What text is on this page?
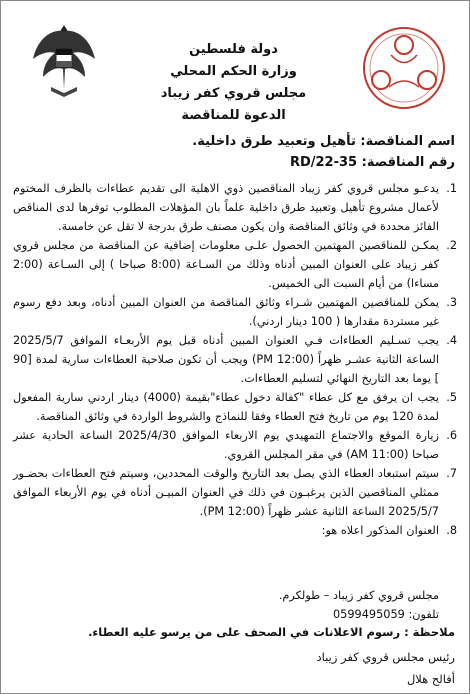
دولة فلسطين
وزارة الحكم المحلي
مجلس قروي كفر زيباد
الدعوة للمناقصة
اسم المناقصة: تأهيل وتعبيد طرق داخلية.
رقم المناقصة: 35-22/RD
1.
يدعـو مجلس قروي كفر زيباد المناقصين ذوي الاهلية الى تقديم عطاءات بالظرف المختوم لأعمال مشروع تأهيل وتعبيد طرق داخلية علماً بان المؤهلات المطلوب توفرها لدى المناقص الفائز محددة في وثائق المناقصة وان يكون مصنف طرق بدرجة لا تقل عن خامسة.
2.
يمكـن للمناقصين المهتمين الحصول علـى معلومات إضافية عن المناقصة من مجلس قروي كفر زيباد على العنوان المبين أدناه وذلك من السـاعة (8:00 صباحا ) إلى السـاعة (2:00 مساءا) من أيام السبت الى الخميس.
3.
يمكن للمناقصين المهتمين شـراء وثائق المناقصة من العنوان المبين أدناه، وبعد دفع رسوم غير مستردة مقدارها ( 100 دينار اردني).
4.
يجب تسـليم العطاءات فـي العنوان المبين أدناه قبل يوم الأربعـاء الموافق 2025/5/7 الساعة الثانية عشـر ظهراً (PM 12:00) ويجب أن تكون صلاحية العطاءات سارية لمدة [90 ] يوما بعد التاريخ النهائي لتسليم العطاءات.
5.
يجب ان يرفق مع كل عطاء "كفالة دخول عطاء"بقيمة (4000) دينار اردني سارية المفعول لمدة 120 يوم من تاريخ فتح العطاء وفقا للنماذج والشروط الواردة في وثائق المناقصة.
6.
زيارة الموقع والاجتماع التمهيدي يوم الاربعاء الموافق 2025/4/30 الساعة الحادية عشر صباحا (AM 11:00) في مقر المجلس القروي.
7.
سيتم استبعاد العطاء الذي يصل بعد التاريخ والوقت المحددين، وسيتم فتح العطاءات بحضـور ممثلي المناقصين الذين يرغبـون في ذلك في العنوان المبيـن أدناه في يوم الأربعاء الموافق 2025/5/7 الساعة الثانية عشر ظهراً (PM 12:00).
8.
العنوان المذكور اعلاه هو:
مجلس قروي كفر زيباد – طولكرم.
تلفون: 0599495059
ملاحظة : رسوم الاعلانات في الصحف على من يرسو عليه العطاء.
رئيس مجلس قروي كفر زيباد
أفالح هلال
